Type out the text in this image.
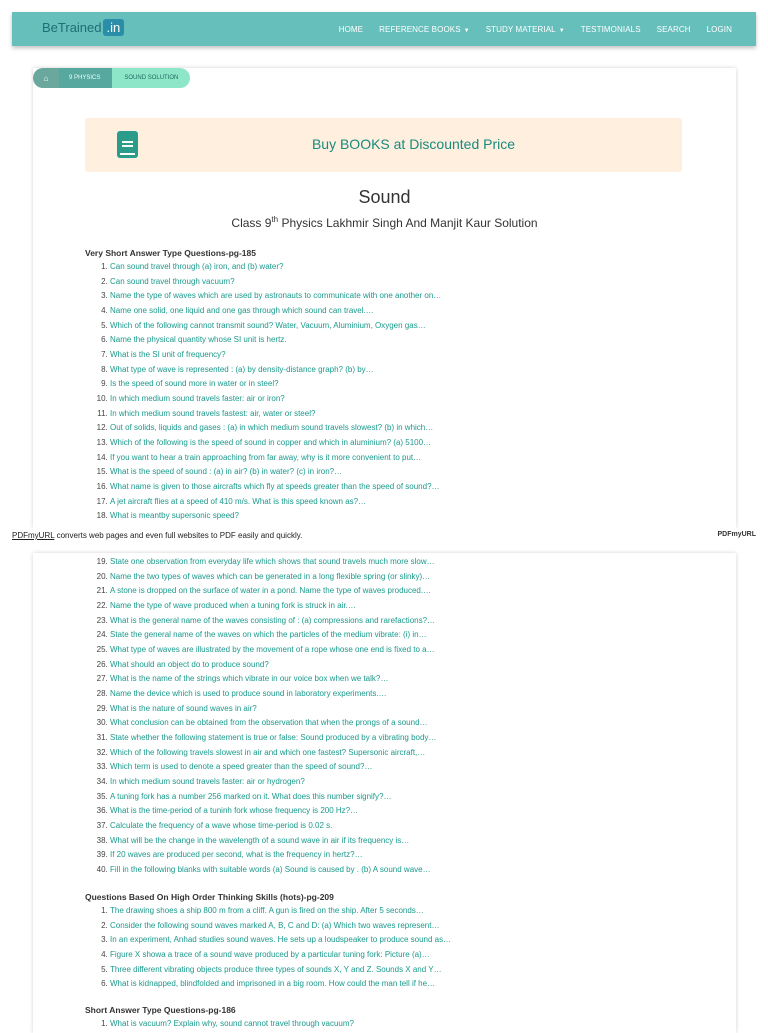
BeTrained .in	HOME REFERENCE BOOKS ▼ STUDY MATERIAL ▼ TESTIMONIALS SEARCH LOGIN
⌂	9 PHYSICS	SOUND SOLUTION
Buy BOOKS at Discounted Price
Sound
Class 9th Physics Lakhmir Singh And Manjit Kaur Solution
Very Short Answer Type Questions-pg-185
1. Can sound travel through (a) iron, and (b) water?
2. Can sound travel through vacuum?
3. Name the type of waves which are used by astronauts to communicate with one another on…
4. Name one solid, one liquid and one gas through which sound can travel.…
5. Which of the following cannot transmit sound? Water, Vacuum, Aluminium, Oxygen gas…
6. Name the physical quantity whose SI unit is hertz.
7. What is the SI unit of frequency?
8. What type of wave is represented : (a) by density-distance graph? (b) by…
9. Is the speed of sound more in water or in steel?
10. In which medium sound travels faster: air or iron?
11. In which medium sound travels fastest: air, water or steel?
12. Out of solids, liquids and gases : (a) in which medium sound travels slowest? (b) in which…
13. Which of the following is the speed of sound in copper and which in aluminium? (a) 5100…
14. If you want to hear a train approaching from far away, why is it more convenient to put…
15. What is the speed of sound : (a) in air? (b) in water? (c) in iron?…
16. What name is given to those aircrafts which fly at speeds greater than the speed of sound?…
17. A jet aircraft flies at a speed of 410 m/s. What is this speed known as?…
18. What is meantby supersonic speed?
PDFmyURL converts web pages and even full websites to PDF easily and quickly.	PDFmyURL
19. State one observation from everyday life which shows that sound travels much more slow…
20. Name the two types of waves which can be generated in a long flexible spring (or slinky)…
21. A stone is dropped on the surface of water in a pond. Name the type of waves produced.…
22. Name the type of wave produced when a tuning fork is struck in air.…
23. What is the general name of the waves consisting of : (a) compressions and rarefactions?…
24. State the general name of the waves on which the particles of the medium vibrate: (i) in…
25. What type of waves are illustrated by the movement of a rope whose one end is fixed to a…
26. What should an object do to produce sound?
27. What is the name of the strings which vibrate in our voice box when we talk?…
28. Name the device which is used to produce sound in laboratory experiments.…
29. What is the nature of sound waves in air?
30. What conclusion can be obtained from the observation that when the prongs of a sound…
31. State whether the following statement is true or false: Sound produced by a vibrating body…
32. Which of the following travels slowest in air and which one fastest? Supersonic aircraft,…
33. Which term is used to denote a speed greater than the speed of sound?…
34. In which medium sound travels faster: air or hydrogen?
35. A tuning fork has a number 256 marked on it. What does this number signify?…
36. What is the time-period of a tuninh fork whose frequency is 200 Hz?…
37. Calculate the frequency of a wave whose time-period is 0.02 s.
38. What will be the change in the wavelength of a sound wave in air if its frequency is…
39. If 20 waves are produced per second, what is the frequency in hertz?…
40. Fill in the following blanks with suitable words (a) Sound is caused by . (b) A sound wave…
Questions Based On High Order Thinking Skills (hots)-pg-209
1. The drawing shoes a ship 800 m from a cliff. A gun is fired on the ship. After 5 seconds…
2. Consider the following sound waves marked A, B, C and D: (a) Which two waves represent…
3. In an experiment, Anhad studies sound waves. He sets up a loudspeaker to produce sound as…
4. Figure X showa a trace of a sound wave produced by a particular tuning fork: Picture (a)…
5. Three different vibrating objects produce three types of sounds X, Y and Z. Sounds X and Y…
6. What is kidnapped, blindfolded and imprisoned in a big room. How could the man tell if he…
Short Answer Type Questions-pg-186
1. What is vacuum? Explain why, sound cannot travel through vacuum?
